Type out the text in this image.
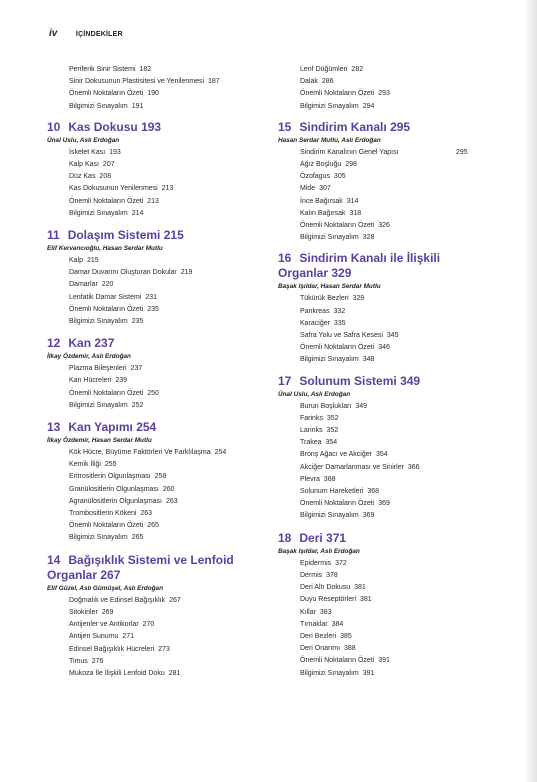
iv	İÇİNDEKİLER
Periferik Sinir Sistemi 182
Sinir Dokusunun Plastisitesi ve Yenilenmesi 187
Önemli Noktaların Özeti 190
Bilgimizi Sınayalım 191
10 Kas Dokusu 193
Ünal Uslu, Aslı Erdoğan
İskelet Kası 193
Kalp Kası 207
Düz Kas 208
Kas Dokusunun Yenilenmesi 213
Önemli Noktaların Özeti 213
Bilgimizi Sınayalım 214
11 Dolaşım Sistemi 215
Elif Kervancıoğlu, Hasan Serdar Mutlu
Kalp 215
Damar Duvarını Oluşturan Dokular 219
Damarlar 220
Lenfatik Damar Sistemi 231
Önemli Noktaların Özeti 235
Bilgimizi Sınayalım 235
12 Kan 237
İlkay Özdemir, Aslı Erdoğan
Plazma Bileşenleri 237
Kan Hücreleri 239
Önemli Noktaların Özeti 250
Bilgimizi Sınayalım 252
13 Kan Yapımı 254
İlkay Özdemir, Hasan Serdar Mutlu
Kök Hücre, Büyüme Faktörleri Ve Farklılaşma 254
Kemik İliği 255
Eritrositlerin Olgunlaşması 258
Granülositlerin Olgunlaşması 260
Agranülositlerin Olgunlaşması 263
Trombositlerin Kökeni 263
Önemli Noktaların Özeti 265
Bilgimizi Sınayalım 265
14 Bağışıklık Sistemi ve Lenfoid
Organlar 267
Elif Güzel, Aslı Gümüşel, Aslı Erdoğan
Doğmalık ve Edinsel Bağışıklık 267
Sitokinler 269
Antijenler ve Antikorlar 270
Antijen Sunumu 271
Edinsel Bağışıklık Hücreleri 273
Timus 276
Mukoza İle İlişkili Lenfoid Doku 281
Lenf Düğümleri 282
Dalak 286
Önemli Noktaların Özeti 293
Bilgimizi Sınayalım 294
15 Sindirim Kanalı 295
Hasan Serdar Mutlu, Aslı Erdoğan
Sindirim Kanalının Genel Yapısı	295
Ağız Boşluğu 298
Özofagus 305
Mide 307
İnce Bağırsak 314
Kalın Bağırsak 318
Önemli Noktaların Özeti 326
Bilgimizi Sınayalım 328
16 Sindirim Kanalı ile İlişkili
Organlar 329
Başak Işıldar, Hasan Serdar Mutlu
Tükürük Bezleri 329
Pankreas 332
Karaciğer 335
Safra Yolu ve Safra Kesesi 345
Önemli Noktaların Özeti 346
Bilgimizi Sınayalım 348
17 Solunum Sistemi 349
Ünal Uslu, Aslı Erdoğan
Burun Boşlukları 349
Farinks 352
Larinks 352
Trakea 354
Bronş Ağacı ve Akciğer 354
Akciğer Damarlanması ve Sinirler 366
Plevra 368
Solunum Hareketleri 368
Önemli Noktaların Özeti 369
Bilgimizi Sınayalım 369
18 Deri 371
Başak Işıldar, Aslı Erdoğan
Epidermis 372
Dermis 378
Deri Altı Dokusu 381
Duyu Reseptörleri 381
Kıllar 383
Tırnaklar 384
Deri Bezleri 385
Deri Onarımı 388
Önemli Noktaların Özeti 391
Bilgimizi Sınayalım 391
